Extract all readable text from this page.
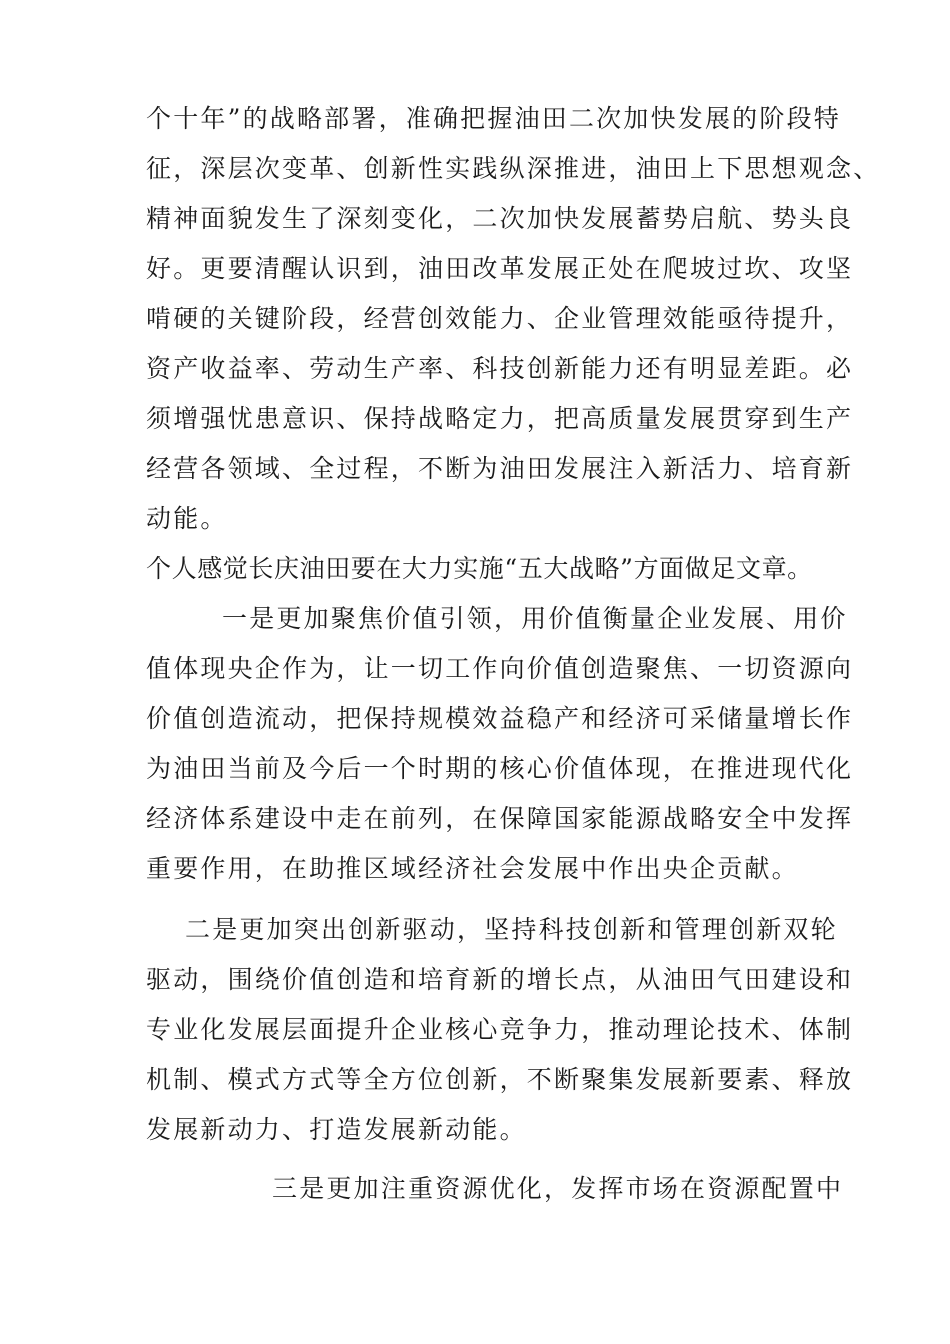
个十年”的战略部署，准确把握油田二次加快发展的阶段特
征，深层次变革、创新性实践纵深推进，油田上下思想观念、
精神面貌发生了深刻变化，二次加快发展蓄势启航、势头良
好。更要清醒认识到，油田改革发展正处在爬坡过坎、攻坚
啃硬的关键阶段，经营创效能力、企业管理效能亟待提升，
资产收益率、劳动生产率、科技创新能力还有明显差距。必
须增强忧患意识、保持战略定力，把高质量发展贯穿到生产
经营各领域、全过程，不断为油田发展注入新活力、培育新
动能。
个人感觉长庆油田要在大力实施“五大战略”方面做足文章。
一是更加聚焦价值引领，用价值衡量企业发展、用价
值体现央企作为，让一切工作向价值创造聚焦、一切资源向
价值创造流动，把保持规模效益稳产和经济可采储量增长作
为油田当前及今后一个时期的核心价值体现，在推进现代化
经济体系建设中走在前列，在保障国家能源战略安全中发挥
重要作用，在助推区域经济社会发展中作出央企贡献。
二是更加突出创新驱动，坚持科技创新和管理创新双轮
驱动，围绕价值创造和培育新的增长点，从油田气田建设和
专业化发展层面提升企业核心竞争力，推动理论技术、体制
机制、模式方式等全方位创新，不断聚集发展新要素、释放
发展新动力、打造发展新动能。
三是更加注重资源优化，发挥市场在资源配置中
